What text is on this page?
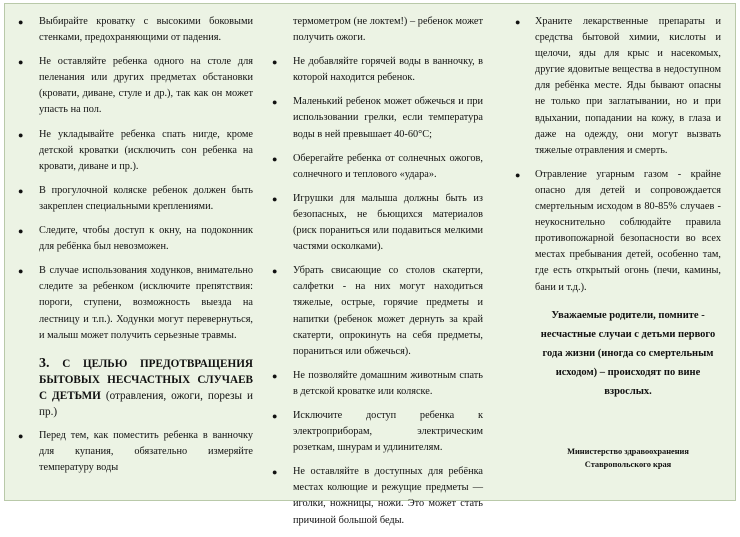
● Выбирайте кроватку с высокими боковыми стенками, предохраняющими от падения.
● Не оставляйте ребенка одного на столе для пеленания или других предметах обстановки (кровати, диване, стуле и др.), так как он может упасть на пол.
● Не укладывайте ребенка спать нигде, кроме детской кроватки (исключить сон ребенка на кровати, диване и пр.).
● В прогулочной коляске ребенок должен быть закреплен специальными креплениями.
● Следите, чтобы доступ к окну, на подоконник для ребёнка был невозможен.
● В случае использования ходунков, внимательно следите за ребенком (исключите препятствия: пороги, ступени, возможность выезда на лестницу и т.п.). Ходунки могут перевернуться, и малыш может получить серьезные травмы.
3. С ЦЕЛЬЮ ПРЕДОТВРАЩЕНИЯ БЫТОВЫХ НЕСЧАСТНЫХ СЛУЧАЕВ С ДЕТЬМИ (отравления, ожоги, порезы и пр.)
● Перед тем, как поместить ребенка в ванночку для купания, обязательно измеряйте температуру воды
термометром (не локтем!) – ребенок может получить ожоги.
● Не добавляйте горячей воды в ванночку, в которой находится ребенок.
● Маленький ребенок может обжечься и при использовании грелки, если температура воды в ней превышает 40-60°С;
● Оберегайте ребенка от солнечных ожогов, солнечного и теплового «удара».
● Игрушки для малыша должны быть из безопасных, не бьющихся материалов (риск пораниться или подавиться мелкими частями осколками).
● Убрать свисающие со столов скатерти, салфетки - на них могут находиться тяжелые, острые, горячие предметы и напитки (ребенок может дернуть за край скатерти, опрокинуть на себя предметы, пораниться или обжечься).
● Не позволяйте домашним животным спать в детской кроватке или коляске.
● Исключите доступ ребенка к электроприборам, электрическим розеткам, шнурам и удлинителям.
● Не оставляйте в доступных для ребёнка местах колющие и режущие предметы — иголки, ножницы, ножи. Это может стать причиной большой беды.
● Храните лекарственные препараты и средства бытовой химии, кислоты и щелочи, яды для крыс и насекомых, другие ядовитые вещества в недоступном для ребёнка месте. Яды бывают опасны не только при заглатывании, но и при вдыхании, попадании на кожу, в глаза и даже на одежду, они могут вызвать тяжелые отравления и смерть.
● Отравление угарным газом - крайне опасно для детей и сопровождается смертельным исходом в 80-85% случаев - неукоснительно соблюдайте правила противопожарной безопасности во всех местах пребывания детей, особенно там, где есть открытый огонь (печи, камины, бани и т.д.).
Уважаемые родители, помните - несчастные случаи с детьми первого года жизни (иногда со смертельным исходом) – происходят по вине взрослых.
Министерство здравоохранения Ставропольского края
